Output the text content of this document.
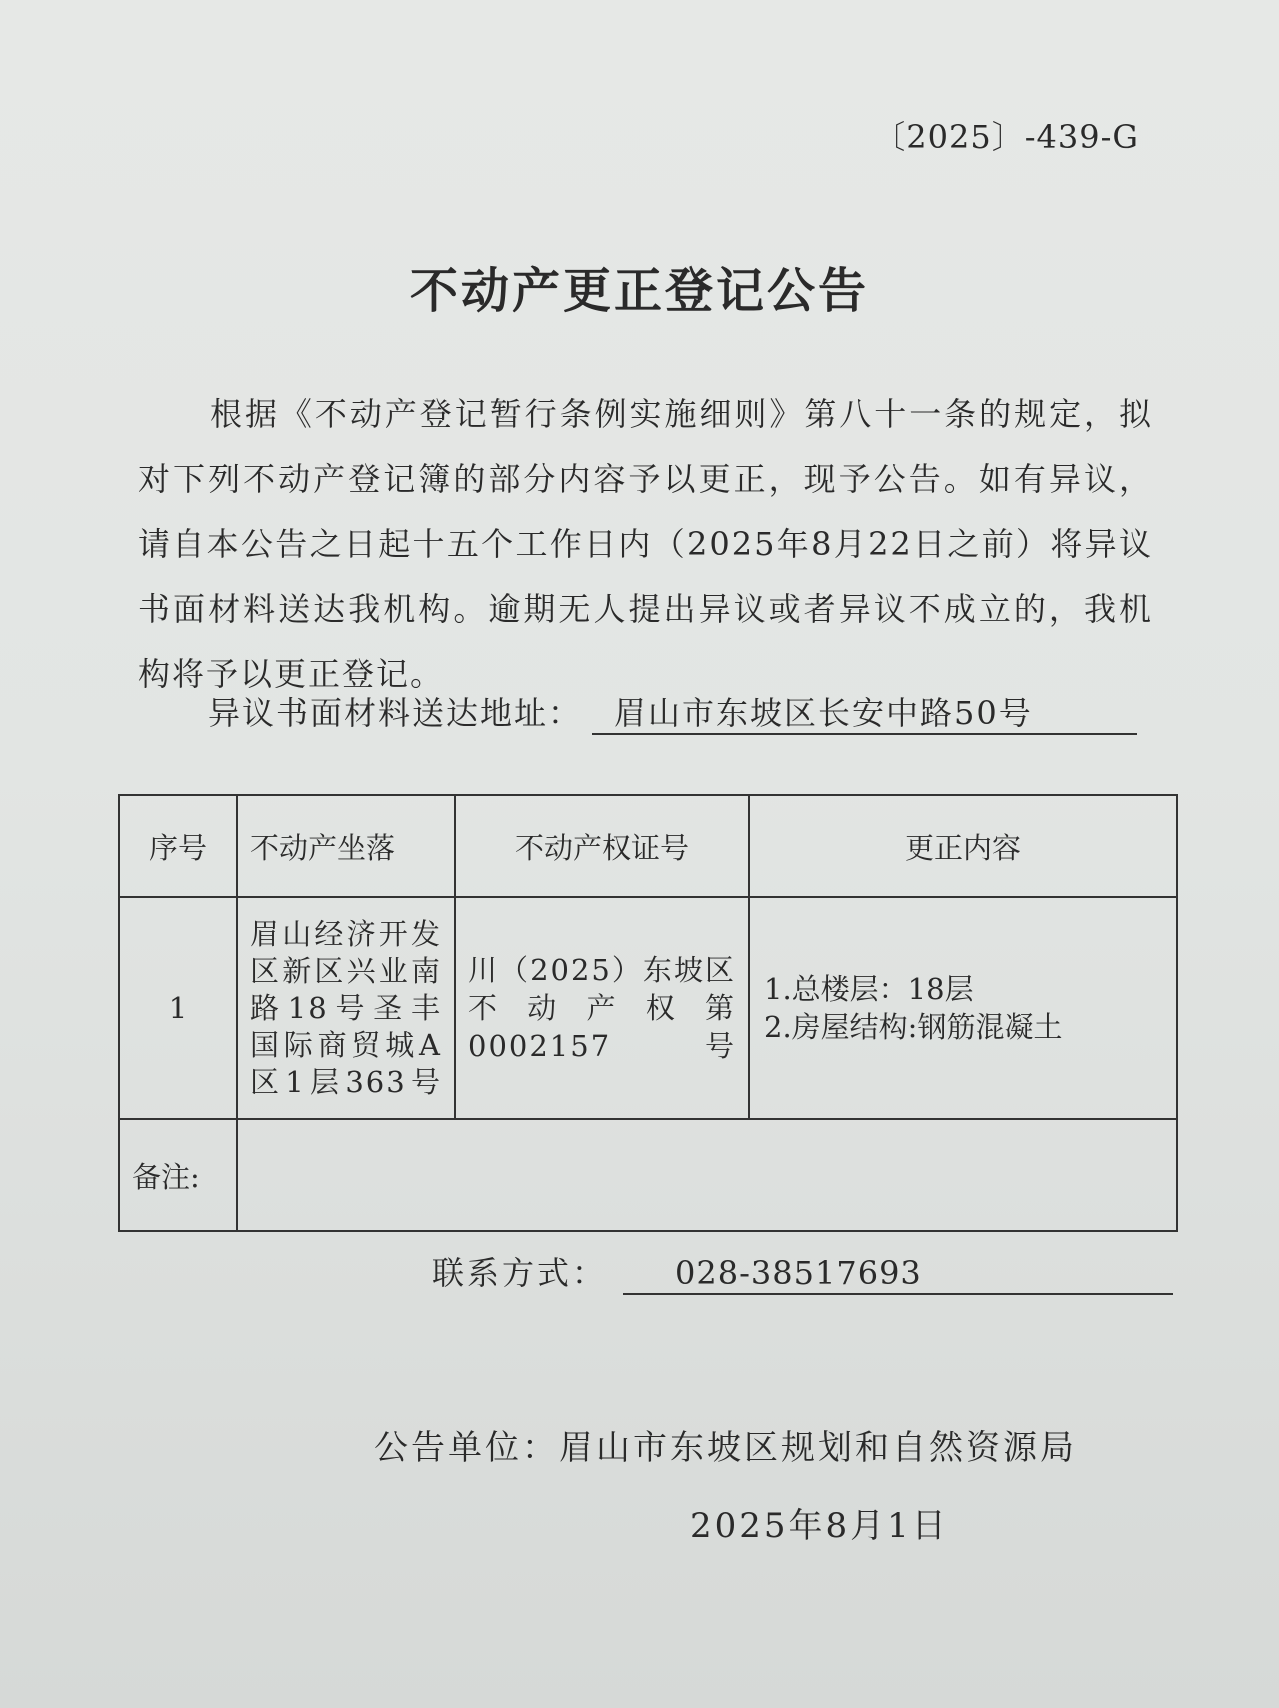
〔2025〕-439-G
不动产更正登记公告

根据《不动产登记暂行条例实施细则》第八十一条的规定，拟对下列不动产登记簿的部分内容予以更正，现予公告。如有异议，请自本公告之日起十五个工作日内（2025年8月22日之前）将异议书面材料送达我机构。逾期无人提出异议或者异议不成立的，我机构将予以更正登记。

异议书面材料送达地址： 眉山市东坡区长安中路50号
序号	不动产坐落	不动产权证号	更正内容
1	眉山经济开发区新区兴业南路18号圣丰国际商贸城A区1层363号	川（2025）东坡区不动产权第0002157号	1.总楼层：18层
2.房屋结构:钢筋混凝土

备注:			
联系方式： 028-38517693
公告单位：眉山市东坡区规划和自然资源局
2025年8月1日
